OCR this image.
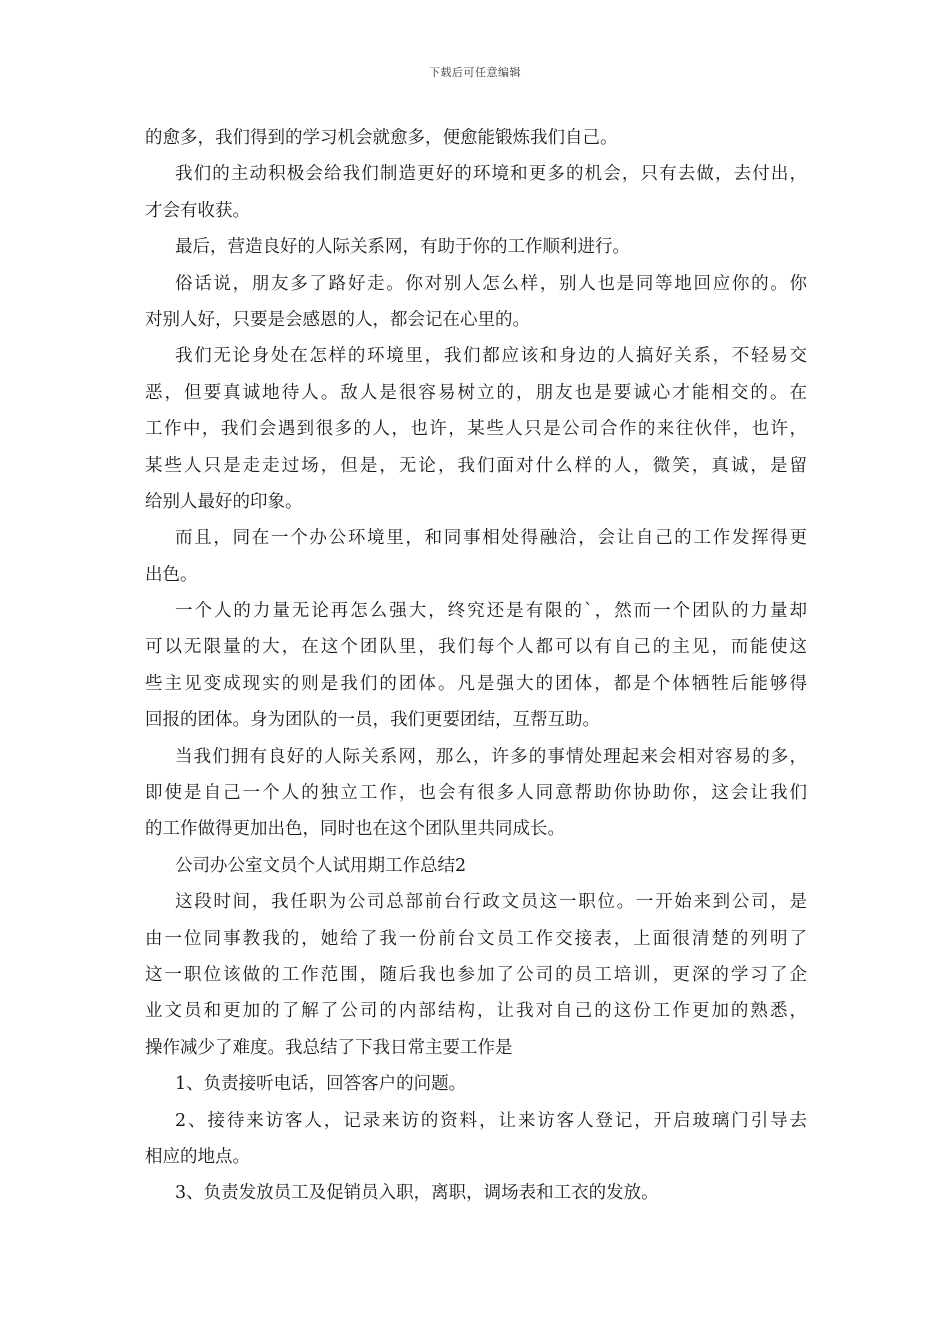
下载后可任意编辑
的愈多，我们得到的学习机会就愈多，便愈能锻炼我们自己。
我们的主动积极会给我们制造更好的环境和更多的机会，只有去做，去付出，
才会有收获。
最后，营造良好的人际关系网，有助于你的工作顺利进行。
俗话说，朋友多了路好走。你对别人怎么样，别人也是同等地回应你的。你
对别人好，只要是会感恩的人，都会记在心里的。
我们无论身处在怎样的环境里，我们都应该和身边的人搞好关系，不轻易交
恶，但要真诚地待人。敌人是很容易树立的，朋友也是要诚心才能相交的。在
工作中，我们会遇到很多的人，也许，某些人只是公司合作的来往伙伴，也许，
某些人只是走走过场，但是，无论，我们面对什么样的人，微笑，真诚，是留
给别人最好的印象。
而且，同在一个办公环境里，和同事相处得融洽，会让自己的工作发挥得更
出色。
一个人的力量无论再怎么强大，终究还是有限的`，然而一个团队的力量却
可以无限量的大，在这个团队里，我们每个人都可以有自己的主见，而能使这
些主见变成现实的则是我们的团体。凡是强大的团体，都是个体牺牲后能够得
回报的团体。身为团队的一员，我们更要团结，互帮互助。
当我们拥有良好的人际关系网，那么，许多的事情处理起来会相对容易的多，
即使是自己一个人的独立工作，也会有很多人同意帮助你协助你，这会让我们
的工作做得更加出色，同时也在这个团队里共同成长。
公司办公室文员个人试用期工作总结2
这段时间，我任职为公司总部前台行政文员这一职位。一开始来到公司，是
由一位同事教我的，她给了我一份前台文员工作交接表，上面很清楚的列明了
这一职位该做的工作范围，随后我也参加了公司的员工培训，更深的学习了企
业文员和更加的了解了公司的内部结构，让我对自己的这份工作更加的熟悉，
操作减少了难度。我总结了下我日常主要工作是
1、负责接听电话，回答客户的问题。
2、接待来访客人，记录来访的资料，让来访客人登记，开启玻璃门引导去
相应的地点。
3、负责发放员工及促销员入职，离职，调场表和工衣的发放。
